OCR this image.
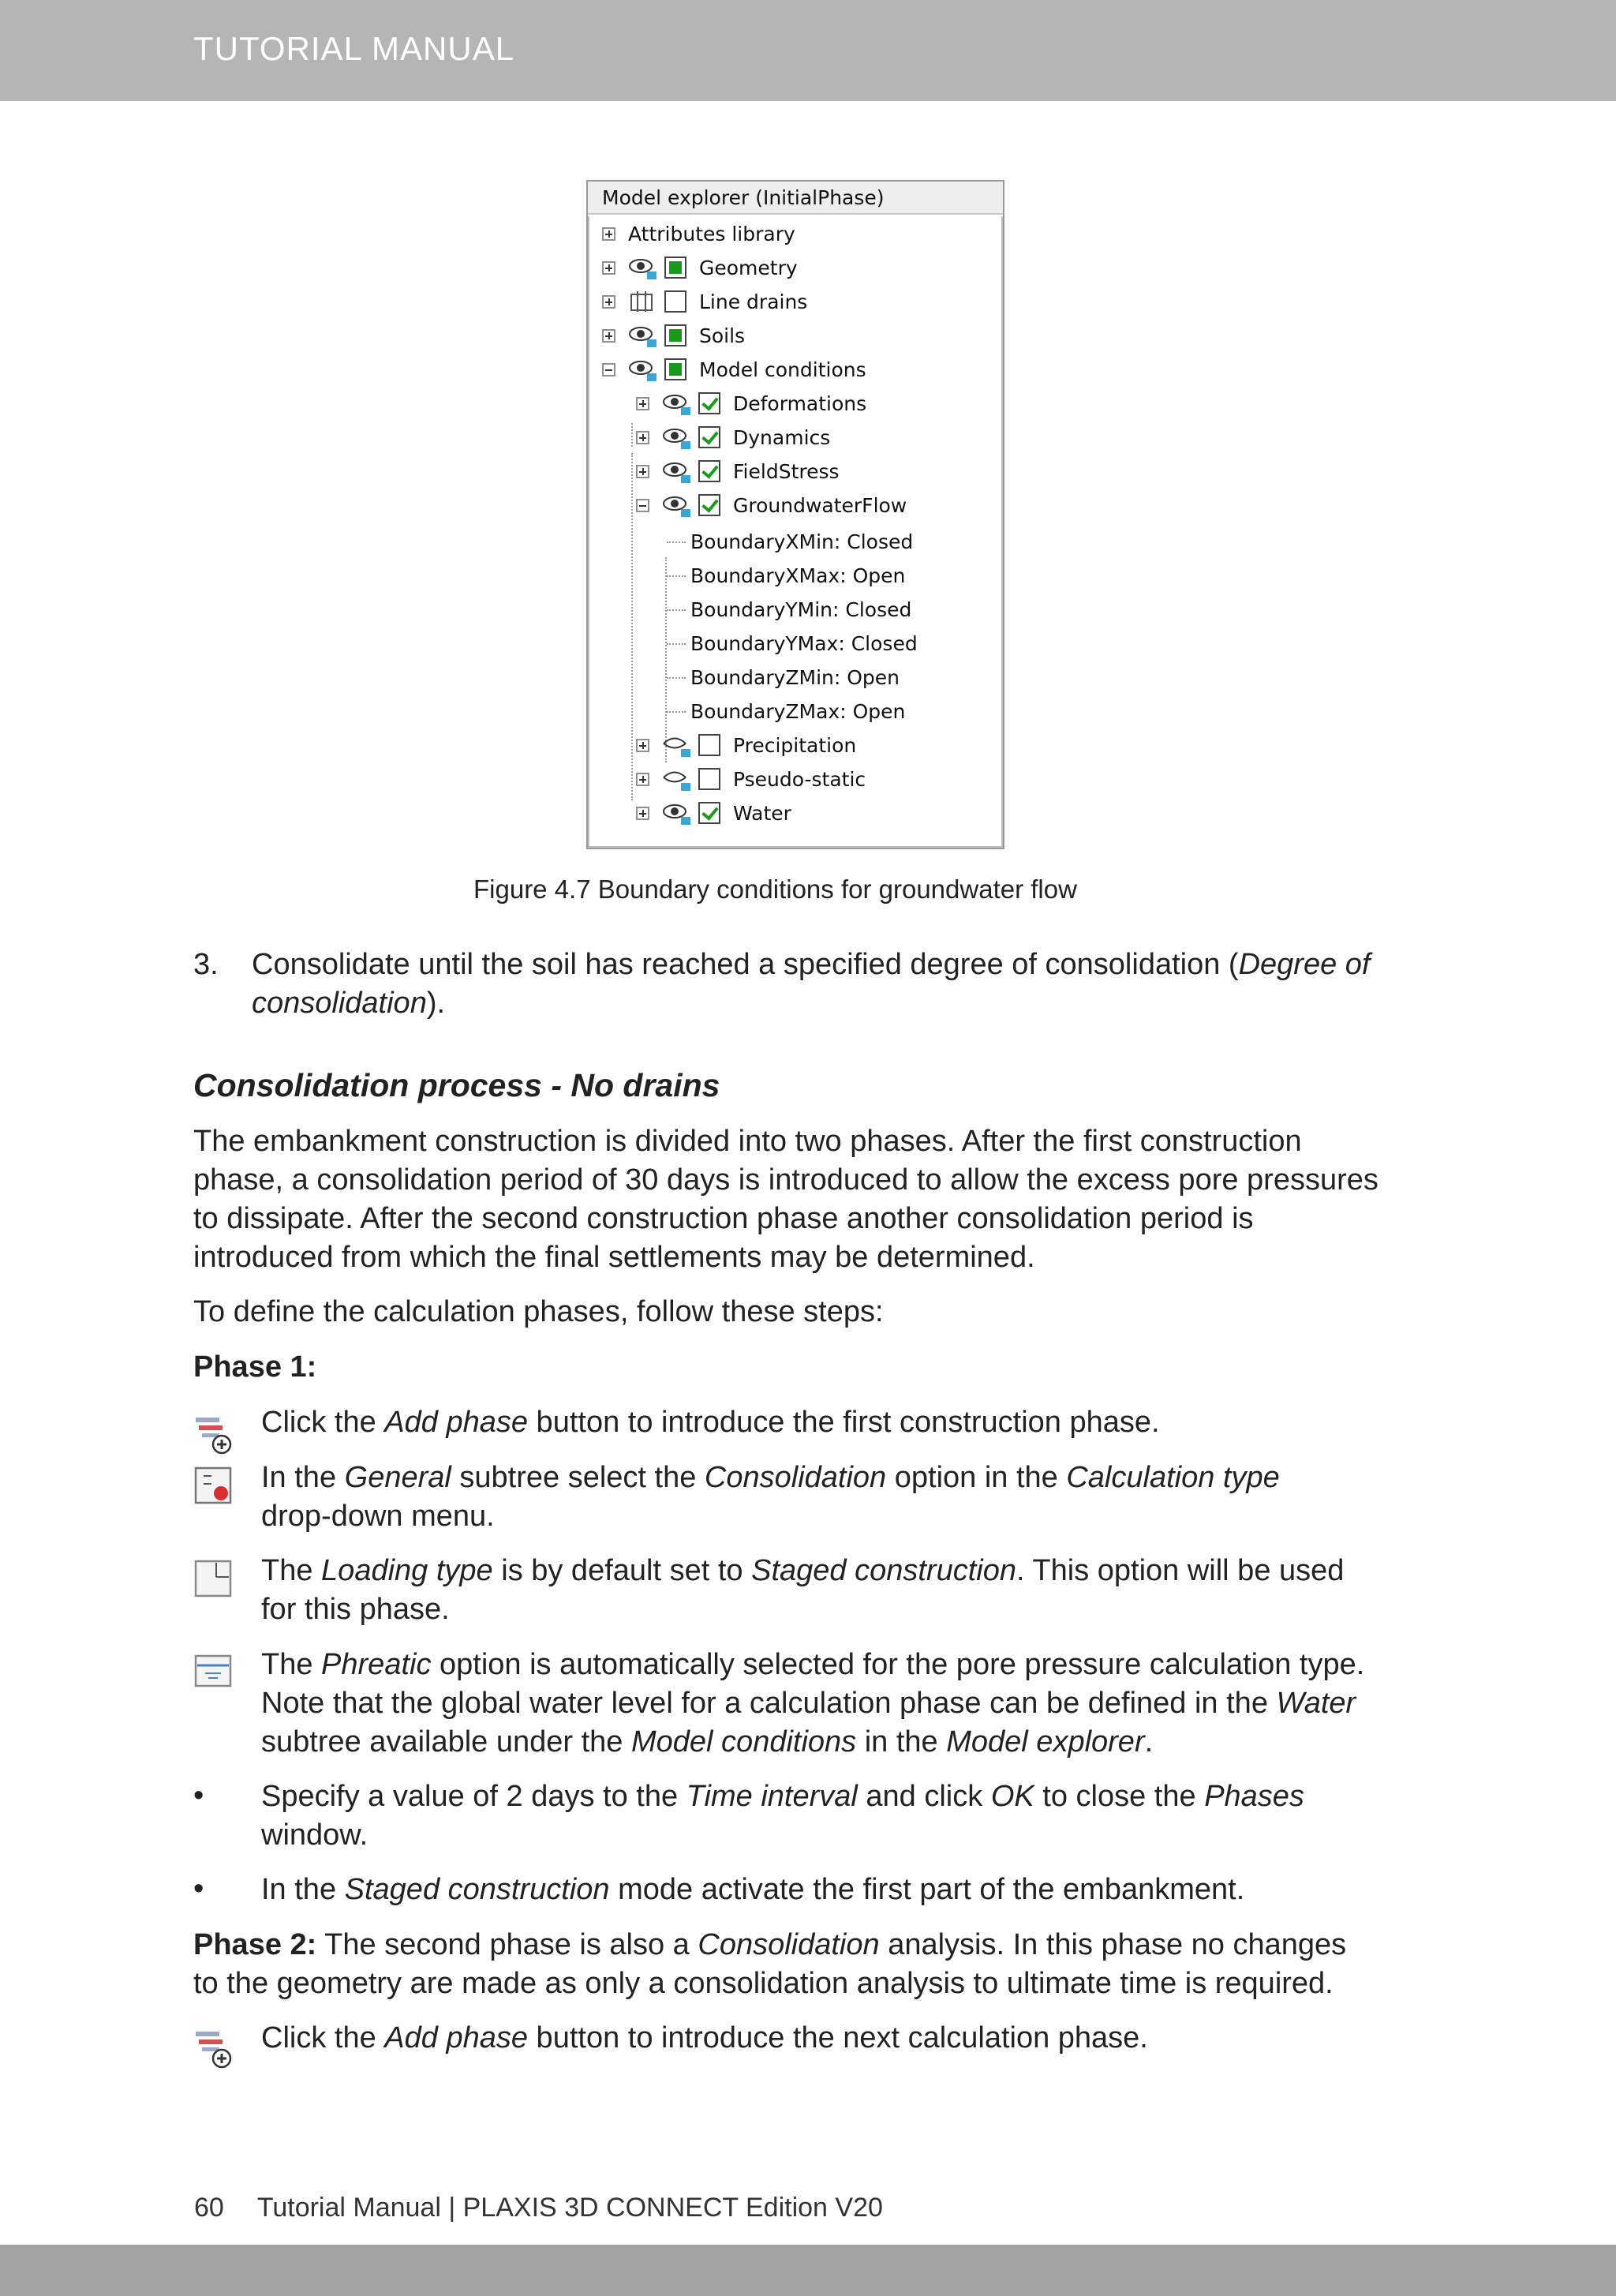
TUTORIAL MANUAL
Model explorer (InitialPhase)
Attributes library
Geometry
Line drains
Soils
Model conditions
Deformations
Dynamics
FieldStress
GroundwaterFlow
BoundaryXMin: Closed
BoundaryXMax: Open
BoundaryYMin: Closed
BoundaryYMax: Closed
BoundaryZMin: Open
BoundaryZMax: Open
Precipitation
Pseudo-static
Water
Figure 4.7 Boundary conditions for groundwater flow
3. Consolidate until the soil has reached a specified degree of consolidation (Degree of
consolidation).
Consolidation process - No drains
The embankment construction is divided into two phases. After the first construction
phase, a consolidation period of 30 days is introduced to allow the excess pore pressures
to dissipate. After the second construction phase another consolidation period is
introduced from which the final settlements may be determined.
To define the calculation phases, follow these steps:
Phase 1:
Click the Add phase button to introduce the first construction phase.
In the General subtree select the Consolidation option in the Calculation type
drop-down menu.
The Loading type is by default set to Staged construction. This option will be used
for this phase.
The Phreatic option is automatically selected for the pore pressure calculation type.
Note that the global water level for a calculation phase can be defined in the Water
subtree available under the Model conditions in the Model explorer.
• Specify a value of 2 days to the Time interval and click OK to close the Phases
window.
• In the Staged construction mode activate the first part of the embankment.
Phase 2: The second phase is also a Consolidation analysis. In this phase no changes
to the geometry are made as only a consolidation analysis to ultimate time is required.
Click the Add phase button to introduce the next calculation phase.
60 Tutorial Manual | PLAXIS 3D CONNECT Edition V20
